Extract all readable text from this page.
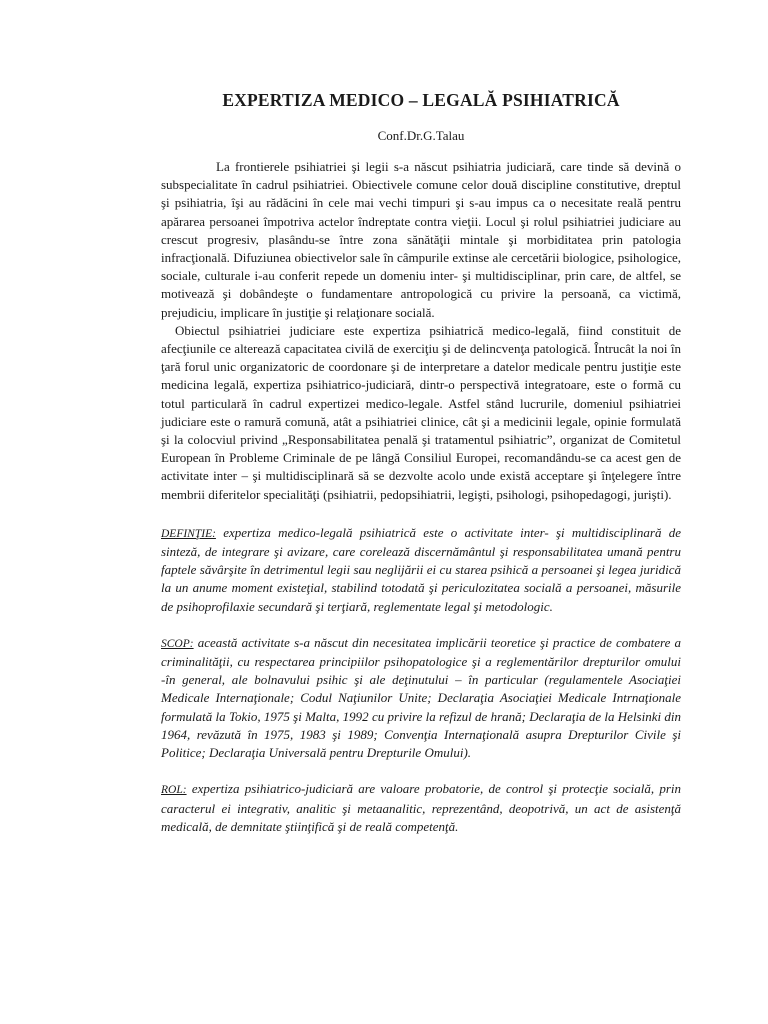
EXPERTIZA MEDICO – LEGALĂ PSIHIATRICĂ
Conf.Dr.G.Talau

La frontierele psihiatriei şi legii s-a născut psihiatria judiciară, care tinde să devină o subspecialitate în cadrul psihiatriei. Obiectivele comune celor două discipline constitutive, dreptul şi psihiatria, îşi au rădăcini în cele mai vechi timpuri şi s-au impus ca o necesitate reală pentru apărarea persoanei împotriva actelor îndreptate contra vieţii. Locul şi rolul psihiatriei judiciare au crescut progresiv, plasându-se între zona sănătăţii mintale şi morbiditatea prin patologia infracţională. Difuziunea obiectivelor sale în câmpurile extinse ale cercetării biologice, psihologice, sociale, culturale i-au conferit repede un domeniu inter- şi multidisciplinar, prin care, de altfel, se motivează şi dobândeşte o fundamentare antropologică cu privire la persoană, ca victimă, prejudiciu, implicare în justiţie şi relaţionare socială.

Obiectul psihiatriei judiciare este expertiza psihiatrică medico-legală, fiind constituit de afecţiunile ce alterează capacitatea civilă de exerciţiu şi de delincvenţa patologică. Întrucât la noi în ţară forul unic organizatoric de coordonare şi de interpretare a datelor medicale pentru justiţie este medicina legală, expertiza psihiatrico-judiciară, dintr-o perspectivă integratoare, este o formă cu totul particulară în cadrul expertizei medico-legale. Astfel stând lucrurile, domeniul psihiatriei judiciare este o ramură comună, atât a psihiatriei clinice, cât şi a medicinii legale, opinie formulată şi la colocviul privind „Responsabilitatea penală şi tratamentul psihiatric”, organizat de Comitetul European în Probleme Criminale de pe lângă Consiliul Europei, recomandându-se ca acest gen de activitate inter – şi multidisciplinară să se dezvolte acolo unde există acceptare şi înţelegere între membrii diferitelor specialităţi (psihiatrii, pedopsihiatrii, legişti, psihologi, psihopedagogi, jurişti).

DEFINŢIE: expertiza medico-legală psihiatrică este o activitate inter- şi multidisciplinară de sinteză, de integrare şi avizare, care corelează discernământul şi responsabilitatea umană pentru faptele săvârşite în detrimentul legii sau neglijării ei cu starea psihică a persoanei şi legea juridică la un anume moment existeţial, stabilind totodată şi periculozitatea socială a persoanei, măsurile de psihoprofilaxie secundară şi terţiară, reglementate legal şi metodologic.

SCOP: această activitate s-a născut din necesitatea implicării teoretice şi practice de combatere a criminalităţii, cu respectarea principiilor psihopatologice şi a reglementărilor drepturilor omului -în general, ale bolnavului psihic şi ale deţinutului – în particular (regulamentele Asociaţiei Medicale Internaţionale; Codul Naţiunilor Unite; Declaraţia Asociaţiei Medicale Intrnaţionale formulată la Tokio, 1975 şi Malta, 1992 cu privire la refizul de hrană; Declaraţia de la Helsinki din 1964, revăzută în 1975, 1983 şi 1989; Convenţia Internaţională asupra Drepturilor Civile şi Politice; Declaraţia Universală pentru Drepturile Omului).

ROL: expertiza psihiatrico-judiciară are valoare probatorie, de control şi protecţie socială, prin caracterul ei integrativ, analitic şi metaanalitic, reprezentând, deopotrivă, un act de asistenţă medicală, de demnitate ştiinţifică şi de reală competenţă.
